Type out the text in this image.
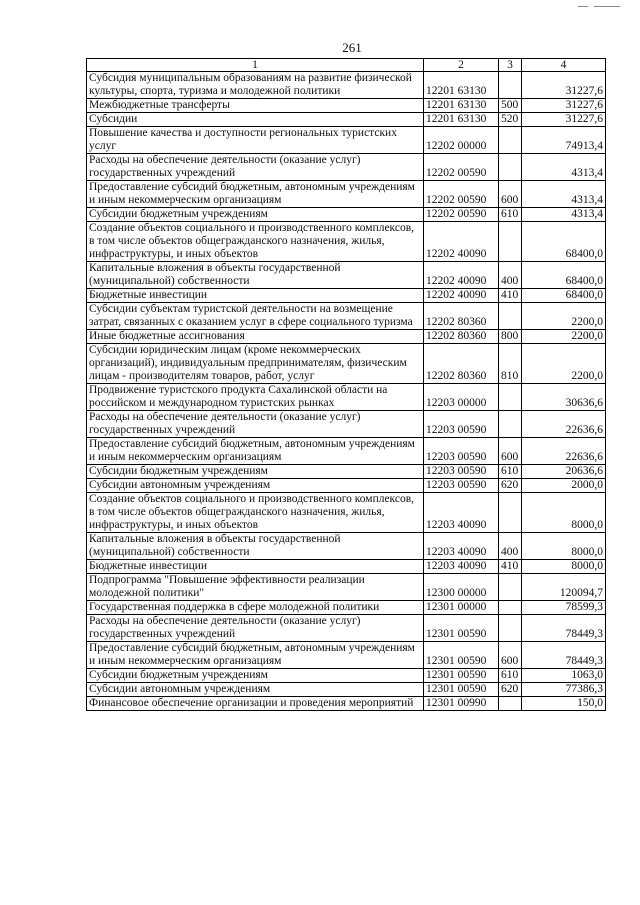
261
1	2	3	4
Субсидия муниципальным образованиям на развитие физической культуры, спорта, туризма и молодежной политики	12201 63130		31227,6
Межбюджетные трансферты	12201 63130	500	31227,6
Субсидии	12201 63130	520	31227,6
Повышение качества и доступности региональных туристских услуг	12202 00000		74913,4
Расходы на обеспечение деятельности (оказание услуг) государственных учреждений	12202 00590		4313,4
Предоставление субсидий бюджетным, автономным учреждениям и иным некоммерческим организациям	12202 00590	600	4313,4
Субсидии бюджетным учреждениям	12202 00590	610	4313,4
Создание объектов социального и производственного комплексов, в том числе объектов общегражданского назначения, жилья, инфраструктуры, и иных объектов	12202 40090		68400,0
Капитальные вложения в объекты государственной (муниципальной) собственности	12202 40090	400	68400,0
Бюджетные инвестиции	12202 40090	410	68400,0
Субсидии субъектам туристской деятельности на возмещение затрат, связанных с оказанием услуг в сфере социального туризма	12202 80360		2200,0
Иные бюджетные ассигнования	12202 80360	800	2200,0
Субсидии юридическим лицам (кроме некоммерческих организаций), индивидуальным предпринимателям, физическим лицам - производителям товаров, работ, услуг	12202 80360	810	2200,0
Продвижение туристского продукта Сахалинской области на российском и международном туристских рынках	12203 00000		30636,6
Расходы на обеспечение деятельности (оказание услуг) государственных учреждений	12203 00590		22636,6
Предоставление субсидий бюджетным, автономным учреждениям и иным некоммерческим организациям	12203 00590	600	22636,6
Субсидии бюджетным учреждениям	12203 00590	610	20636,6
Субсидии автономным учреждениям	12203 00590	620	2000,0
Создание объектов социального и производственного комплексов, в том числе объектов общегражданского назначения, жилья, инфраструктуры, и иных объектов	12203 40090		8000,0
Капитальные вложения в объекты государственной (муниципальной) собственности	12203 40090	400	8000,0
Бюджетные инвестиции	12203 40090	410	8000,0
Подпрограмма "Повышение эффективности реализации молодежной политики"	12300 00000		120094,7
Государственная поддержка в сфере молодежной политики	12301 00000		78599,3
Расходы на обеспечение деятельности (оказание услуг) государственных учреждений	12301 00590		78449,3
Предоставление субсидий бюджетным, автономным учреждениям и иным некоммерческим организациям	12301 00590	600	78449,3
Субсидии бюджетным учреждениям	12301 00590	610	1063,0
Субсидии автономным учреждениям	12301 00590	620	77386,3
Финансовое обеспечение организации и проведения мероприятий	12301 00990		150,0
